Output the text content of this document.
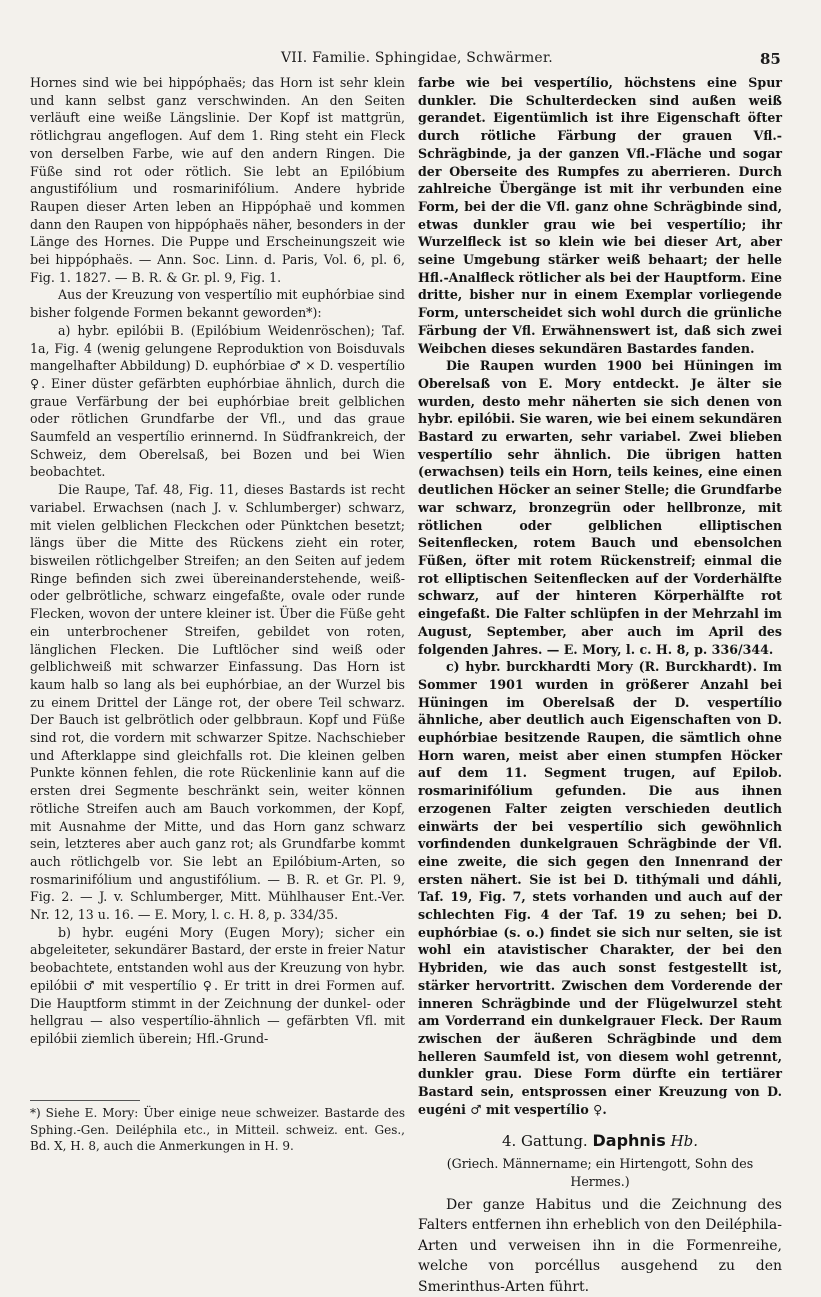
VII. Familie. Sphingidae, Schwärmer.	85

Hornes sind wie bei hippóphaës; das Horn ist sehr klein und kann selbst ganz verschwinden. An den Seiten verläuft eine weiße Längslinie. Der Kopf ist mattgrün, rötlichgrau angeflogen. Auf dem 1. Ring steht ein Fleck von derselben Farbe, wie auf den andern Ringen. Die Füße sind rot oder rötlich. Sie lebt an Epilóbium angustifólium und rosmarinifólium. Andere hybride Raupen dieser Arten leben an Hippóphaë und kommen dann den Raupen von hippóphaës näher, besonders in der Länge des Hornes. Die Puppe und Erscheinungszeit wie bei hippóphaës. — Ann. Soc. Linn. d. Paris, Vol. 6, pl. 6, Fig. 1. 1827. — B. R. & Gr. pl. 9, Fig. 1.

Aus der Kreuzung von vespertílio mit euphórbiae sind bisher folgende Formen bekannt geworden*):

a) hybr. epilóbii B. (Epilóbium Weidenröschen); Taf. 1a, Fig. 4 (wenig gelungene Reproduktion von Boisduvals mangelhafter Abbildung) D. euphórbiae ♂ × D. vespertílio ♀. Einer düster gefärbten euphórbiae ähnlich, durch die graue Verfärbung der bei euphórbiae breit gelblichen oder rötlichen Grundfarbe der Vfl., und das graue Saumfeld an vespertílio erinnernd. In Südfrankreich, der Schweiz, dem Oberelsaß, bei Bozen und bei Wien beobachtet.

Die Raupe, Taf. 48, Fig. 11, dieses Bastards ist recht variabel. Erwachsen (nach J. v. Schlumberger) schwarz, mit vielen gelblichen Fleckchen oder Pünktchen besetzt; längs über die Mitte des Rückens zieht ein roter, bisweilen rötlichgelber Streifen; an den Seiten auf jedem Ringe befinden sich zwei übereinanderstehende, weiß- oder gelbrötliche, schwarz eingefaßte, ovale oder runde Flecken, wovon der untere kleiner ist. Über die Füße geht ein unterbrochener Streifen, gebildet von roten, länglichen Flecken. Die Luftlöcher sind weiß oder gelblichweiß mit schwarzer Einfassung. Das Horn ist kaum halb so lang als bei euphórbiae, an der Wurzel bis zu einem Drittel der Länge rot, der obere Teil schwarz. Der Bauch ist gelbrötlich oder gelbbraun. Kopf und Füße sind rot, die vordern mit schwarzer Spitze. Nachschieber und Afterklappe sind gleichfalls rot. Die kleinen gelben Punkte können fehlen, die rote Rückenlinie kann auf die ersten drei Segmente beschränkt sein, weiter können rötliche Streifen auch am Bauch vorkommen, der Kopf, mit Ausnahme der Mitte, und das Horn ganz schwarz sein, letzteres aber auch ganz rot; als Grundfarbe kommt auch rötlichgelb vor. Sie lebt an Epilóbium-Arten, so rosmarinifólium und angustifólium. — B. R. et Gr. Pl. 9, Fig. 2. — J. v. Schlumberger, Mitt. Mühlhauser Ent.-Ver. Nr. 12, 13 u. 16. — E. Mory, l. c. H. 8, p. 334/35.

b) hybr. eugéni Mory (Eugen Mory); sicher ein abgeleiteter, sekundärer Bastard, der erste in freier Natur beobachtete, entstanden wohl aus der Kreuzung von hybr. epilóbii ♂ mit vespertílio ♀. Er tritt in drei Formen auf. Die Hauptform stimmt in der Zeichnung der dunkel- oder hellgrau — also vespertílio-ähnlich — gefärbten Vfl. mit epilóbii ziemlich überein; Hfl.-Grund-

*) Siehe E. Mory: Über einige neue schweizer. Bastarde des Sphing.-Gen. Deiléphila etc., in Mitteil. schweiz. ent. Ges., Bd. X, H. 8, auch die Anmerkungen in H. 9.

farbe wie bei vespertílio, höchstens eine Spur dunkler. Die Schulterdecken sind außen weiß gerandet. Eigentümlich ist ihre Eigenschaft öfter durch rötliche Färbung der grauen Vfl.-Schrägbinde, ja der ganzen Vfl.-Fläche und sogar der Oberseite des Rumpfes zu aberrieren. Durch zahlreiche Übergänge ist mit ihr verbunden eine Form, bei der die Vfl. ganz ohne Schrägbinde sind, etwas dunkler grau wie bei vespertílio; ihr Wurzelfleck ist so klein wie bei dieser Art, aber seine Umgebung stärker weiß behaart; der helle Hfl.-Analfleck rötlicher als bei der Hauptform. Eine dritte, bisher nur in einem Exemplar vorliegende Form, unterscheidet sich wohl durch die grünliche Färbung der Vfl. Erwähnenswert ist, daß sich zwei Weibchen dieses sekundären Bastardes fanden.

Die Raupen wurden 1900 bei Hüningen im Oberelsaß von E. Mory entdeckt. Je älter sie wurden, desto mehr näherten sie sich denen von hybr. epilóbii. Sie waren, wie bei einem sekundären Bastard zu erwarten, sehr variabel. Zwei blieben vespertílio sehr ähnlich. Die übrigen hatten (erwachsen) teils ein Horn, teils keines, eine einen deutlichen Höcker an seiner Stelle; die Grundfarbe war schwarz, bronzegrün oder hellbronze, mit rötlichen oder gelblichen elliptischen Seitenflecken, rotem Bauch und ebensolchen Füßen, öfter mit rotem Rückenstreif; einmal die rot elliptischen Seitenflecken auf der Vorderhälfte schwarz, auf der hinteren Körperhälfte rot eingefaßt. Die Falter schlüpfen in der Mehrzahl im August, September, aber auch im April des folgenden Jahres. — E. Mory, l. c. H. 8, p. 336/344.

c) hybr. burckhardti Mory (R. Burckhardt). Im Sommer 1901 wurden in größerer Anzahl bei Hüningen im Oberelsaß der D. vespertílio ähnliche, aber deutlich auch Eigenschaften von D. euphórbiae besitzende Raupen, die sämtlich ohne Horn waren, meist aber einen stumpfen Höcker auf dem 11. Segment trugen, auf Epilob. rosmarinifólium gefunden. Die aus ihnen erzogenen Falter zeigten verschieden deutlich einwärts der bei vespertílio sich gewöhnlich vorfindenden dunkelgrauen Schrägbinde der Vfl. eine zweite, die sich gegen den Innenrand der ersten nähert. Sie ist bei D. tithýmali und dáhli, Taf. 19, Fig. 7, stets vorhanden und auch auf der schlechten Fig. 4 der Taf. 19 zu sehen; bei D. euphórbiae (s. o.) findet sie sich nur selten, sie ist wohl ein atavistischer Charakter, der bei den Hybriden, wie das auch sonst festgestellt ist, stärker hervortritt. Zwischen dem Vorderende der inneren Schrägbinde und der Flügelwurzel steht am Vorderrand ein dunkelgrauer Fleck. Der Raum zwischen der äußeren Schrägbinde und dem helleren Saumfeld ist, von diesem wohl getrennt, dunkler grau. Diese Form dürfte ein tertiärer Bastard sein, entsprossen einer Kreuzung von D. eugéni ♂ mit vespertílio ♀.

4. Gattung. Daphnis Hb.
(Griech. Männername; ein Hirtengott, Sohn des Hermes.)

Der ganze Habitus und die Zeichnung des Falters entfernen ihn erheblich von den Deiléphila-Arten und verweisen ihn in die Formenreihe, welche von porcéllus ausgehend zu den Smerinthus-Arten führt.
